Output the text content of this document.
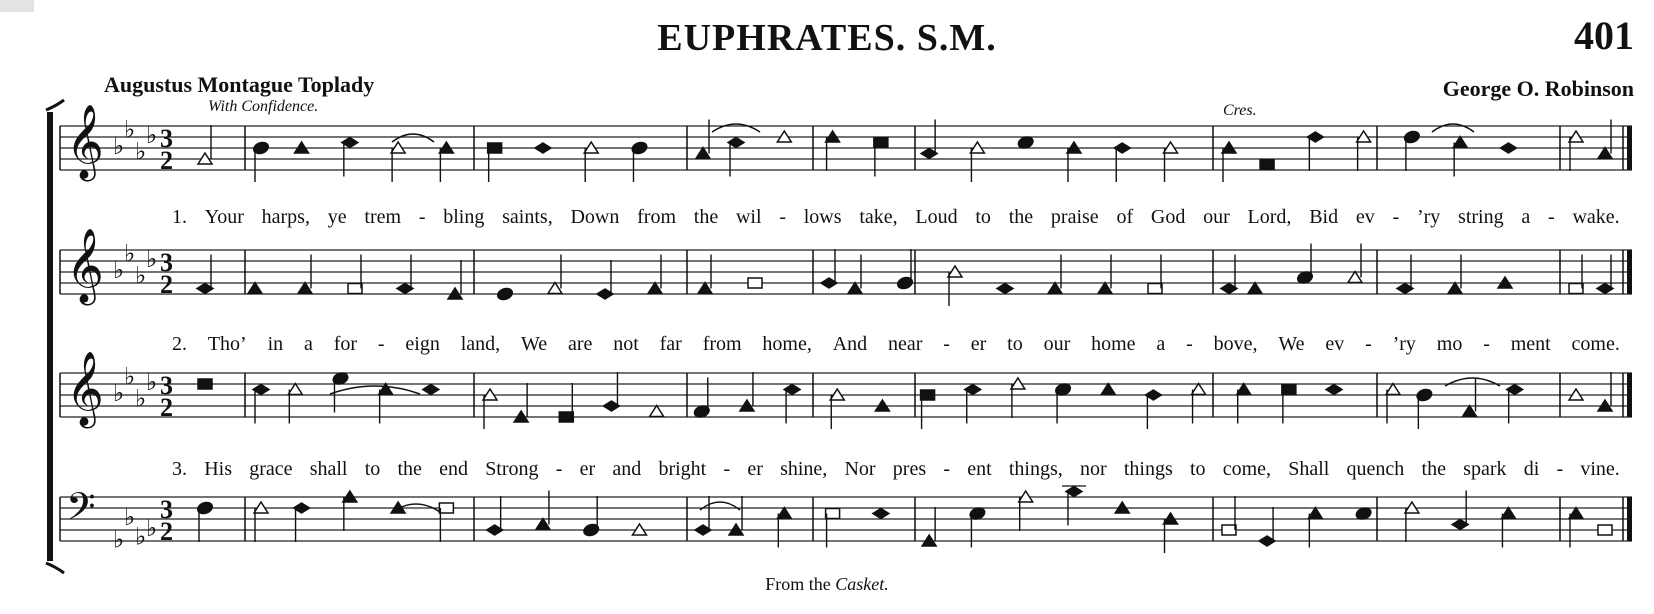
EUPHRATES. S.M.	401
Augustus Montague Toplady	George O. Robinson
With Confidence.	Cres.
𝄞 ♭
♭
♭
♭ 3
2
𝄞 ♭
♭
♭
♭ 3
2
𝄞 ♭
♭
♭
♭ 3
2
𝄢
♭
♭
♭ ♭
3
2
1. Your harps, ye trem - bling saints, Down from the wil - lows take, Loud to the praise of God our Lord, Bid ev - ’ry string a - wake.
2. Tho’ in a for - eign land, We are not far from home, And near - er to our home a - bove, We ev - ’ry mo - ment come.
3. His grace shall to the end Strong - er and bright - er shine, Nor pres - ent things, nor things to come, Shall quench the spark di - vine.
From the Casket.
